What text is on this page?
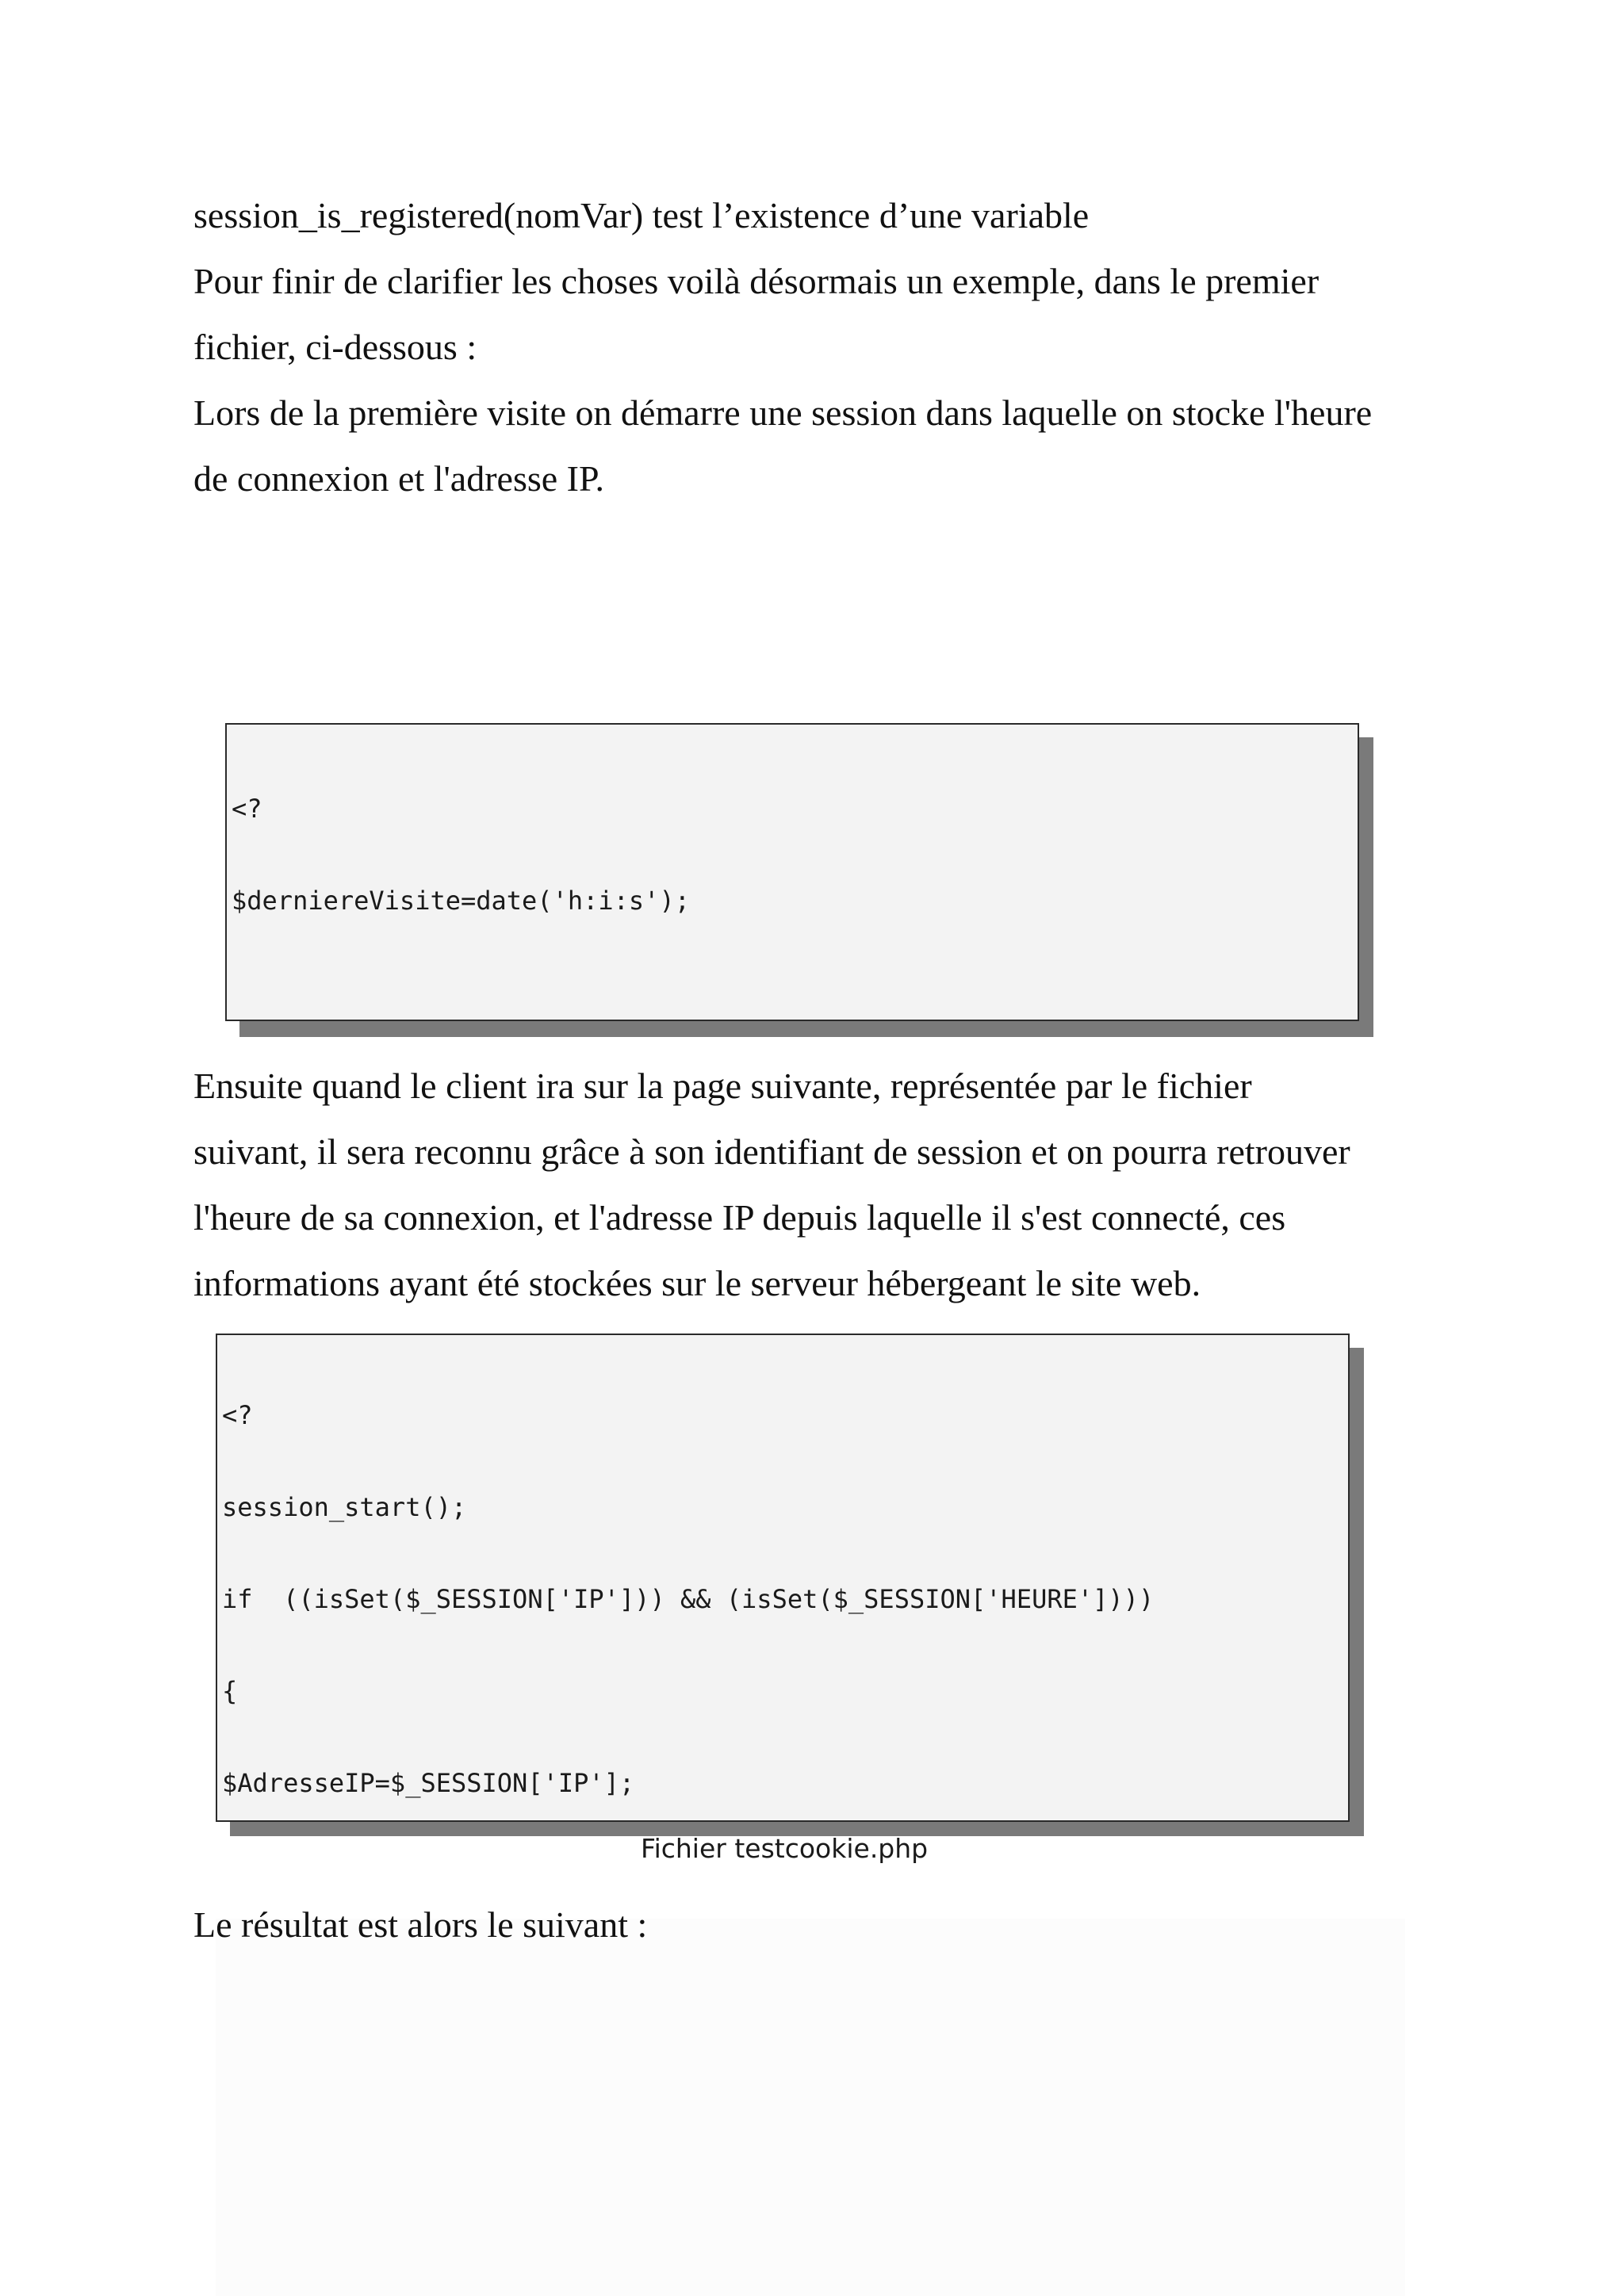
session_is_registered(nomVar) test l’existence d’une variable
Pour finir de clarifier les choses voilà désormais un exemple, dans le premier
fichier, ci-dessous :
Lors de la première visite on démarre une session dans laquelle on stocke l'heure
de connexion et l'adresse IP.

<?

$derniereVisite=date('h:i:s');

Ensuite quand le client ira sur la page suivante, représentée par le fichier
suivant, il sera reconnu grâce à son identifiant de session et on pourra retrouver
l'heure de sa connexion, et l'adresse IP depuis laquelle il s'est connecté, ces
informations ayant été stockées sur le serveur hébergeant le site web.

<?

session_start();

if  ((isSet($_SESSION['IP'])) && (isSet($_SESSION['HEURE'])))

{

$AdresseIP=$_SESSION['IP'];

Fichier testcookie.php
Le résultat est alors le suivant :
